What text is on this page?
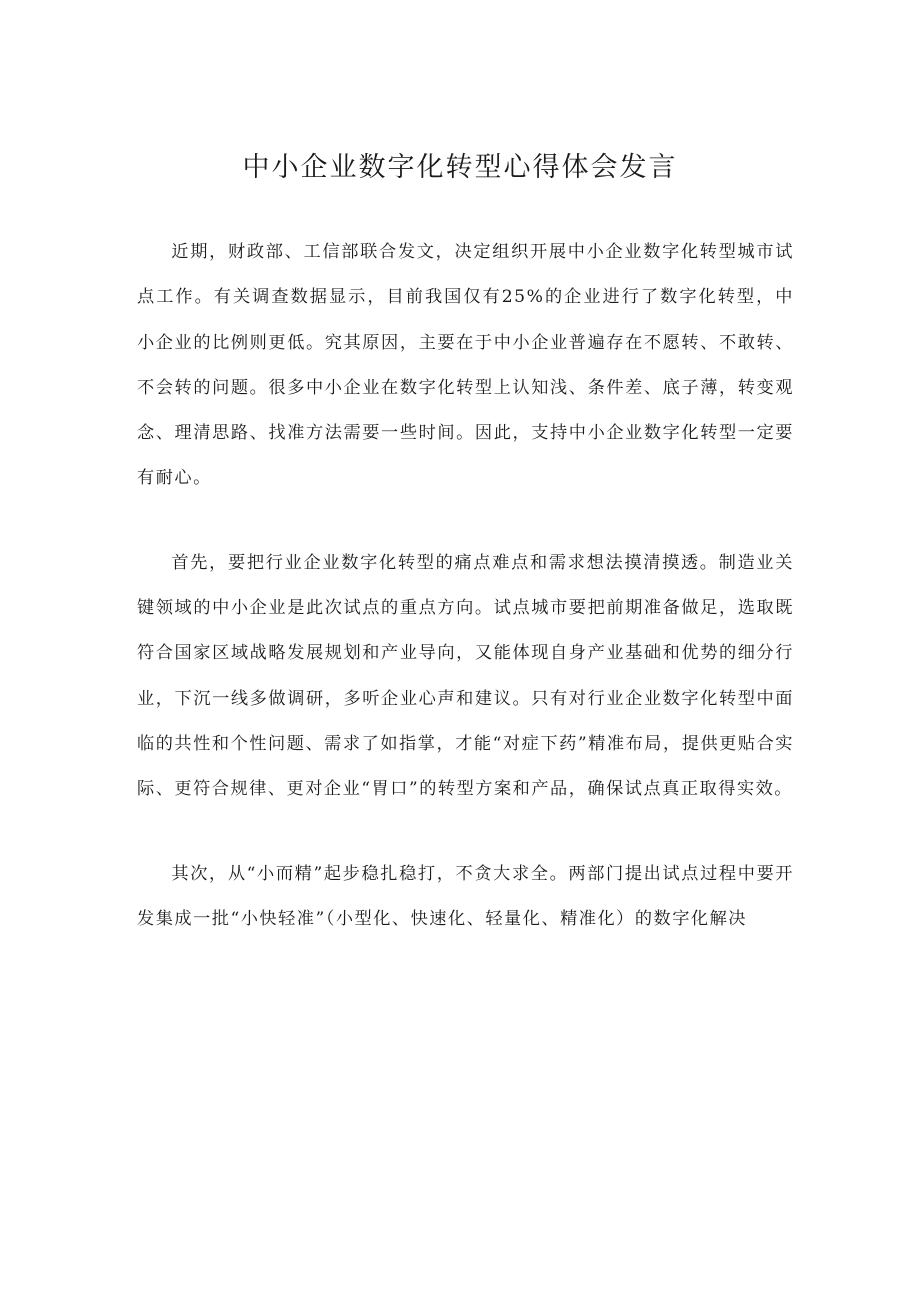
中小企业数字化转型心得体会发言

近期，财政部、工信部联合发文，决定组织开展中小企业数字化转型城市试点工作。有关调查数据显示，目前我国仅有25%的企业进行了数字化转型，中小企业的比例则更低。究其原因，主要在于中小企业普遍存在不愿转、不敢转、不会转的问题。很多中小企业在数字化转型上认知浅、条件差、底子薄，转变观念、理清思路、找准方法需要一些时间。因此，支持中小企业数字化转型一定要有耐心。

首先，要把行业企业数字化转型的痛点难点和需求想法摸清摸透。制造业关键领域的中小企业是此次试点的重点方向。试点城市要把前期准备做足，选取既符合国家区域战略发展规划和产业导向，又能体现自身产业基础和优势的细分行业，下沉一线多做调研，多听企业心声和建议。只有对行业企业数字化转型中面临的共性和个性问题、需求了如指掌，才能“对症下药”精准布局，提供更贴合实际、更符合规律、更对企业“胃口”的转型方案和产品，确保试点真正取得实效。

其次，从“小而精”起步稳扎稳打，不贪大求全。两部门提出试点过程中要开发集成一批“小快轻准”（小型化、快速化、轻量化、精准化）的数字化解决
